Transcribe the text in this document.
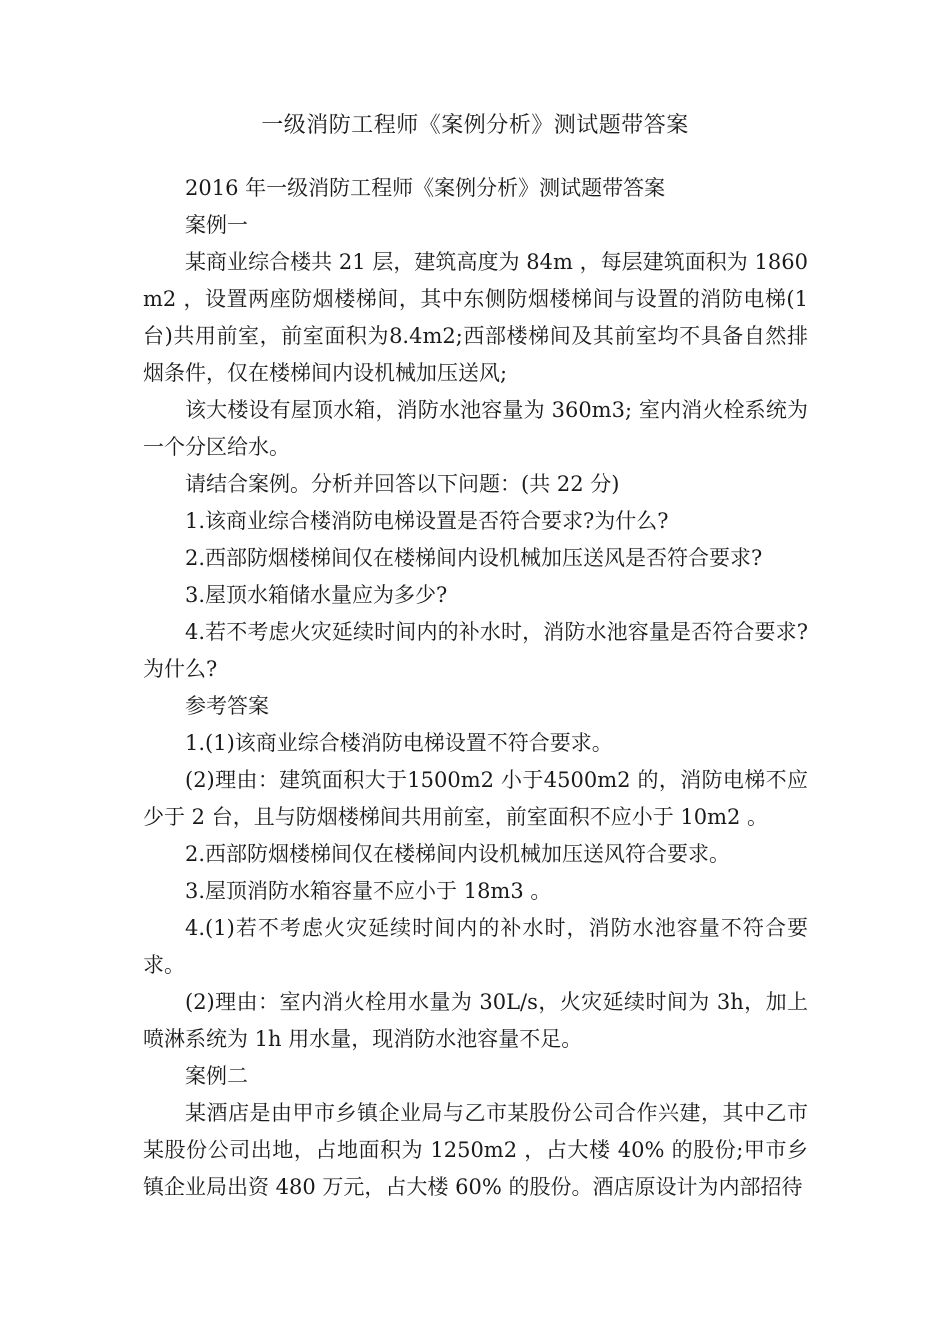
一级消防工程师《案例分析》测试题带答案

2016 年一级消防工程师《案例分析》测试题带答案

案例一

某商业综合楼共 21 层，建筑高度为 84m ，每层建筑面积为 1860m2 ，设置两座防烟楼梯间，其中东侧防烟楼梯间与设置的消防电梯(1台)共用前室，前室面积为8.4m2;西部楼梯间及其前室均不具备自然排烟条件，仅在楼梯间内设机械加压送风;

该大楼设有屋顶水箱，消防水池容量为 360m3; 室内消火栓系统为一个分区给水。

请结合案例。分析并回答以下问题：(共 22 分)

1.该商业综合楼消防电梯设置是否符合要求?为什么?

2.西部防烟楼梯间仅在楼梯间内设机械加压送风是否符合要求?

3.屋顶水箱储水量应为多少?

4.若不考虑火灾延续时间内的补水时，消防水池容量是否符合要求?为什么?

参考答案

1.(1)该商业综合楼消防电梯设置不符合要求。

(2)理由：建筑面积大于1500m2 小于4500m2 的，消防电梯不应少于 2 台，且与防烟楼梯间共用前室，前室面积不应小于 10m2 。

2.西部防烟楼梯间仅在楼梯间内设机械加压送风符合要求。

3.屋顶消防水箱容量不应小于 18m3 。

4.(1)若不考虑火灾延续时间内的补水时，消防水池容量不符合要求。

(2)理由：室内消火栓用水量为 30L/s，火灾延续时间为 3h，加上喷淋系统为 1h 用水量，现消防水池容量不足。

案例二

某酒店是由甲市乡镇企业局与乙市某股份公司合作兴建，其中乙市某股份公司出地，占地面积为 1250m2 ，占大楼 40% 的股份;甲市乡镇企业局出资 480 万元，占大楼 60% 的股份。酒店原设计为内部招待
